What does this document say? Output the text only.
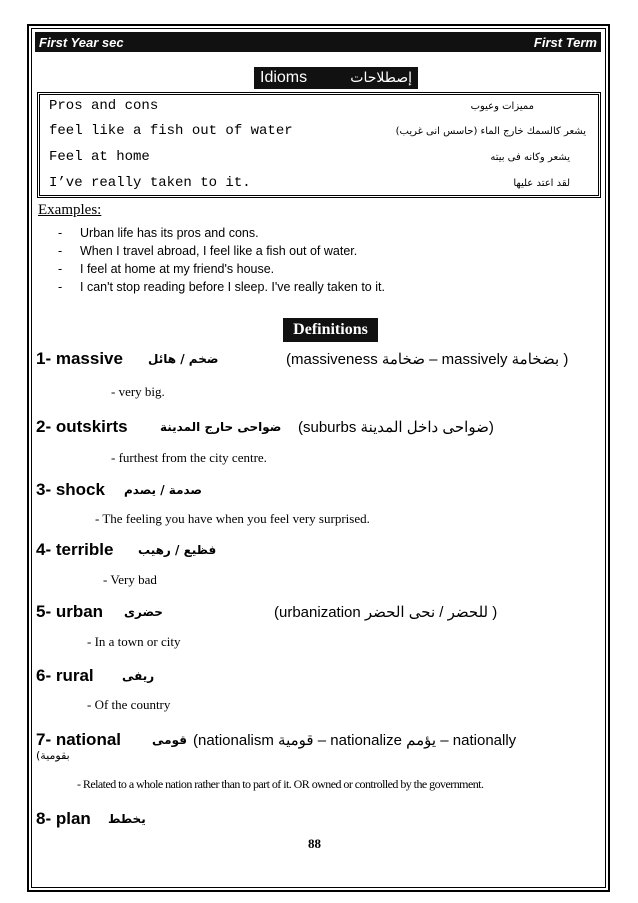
First Year sec	First Term
Idioms	إصطلاحات
Pros and cons	مميزات وعيوب
feel like a fish out of water	يشعر كالسمك خارج الماء (حاسس انى غريب)
Feel at home	يشعر وكانه فى بيته
I’ve really taken to it.	لقد اعتد عليها
Examples:
- Urban life has its pros and cons.
- When I travel abroad, I feel like a fish out of water.
- I feel at home at my friend's house.
- I can't stop reading before I sleep. I've really taken to it.
Definitions
1- massive ضخم / هائل	(massiveness ضخامة – massively بضخامة )
- very big.
2- outskirts	ضواحى حارج المدينة (suburbs ضواحى داخل المدينة)
- furthest from the city centre.
3- shock صدمة / يصدم
- The feeling you have when you feel very surprised.
4- terrible فظيع / رهيب
- Very bad
5- urban حضرى	(urbanization للحضر / نحى الحضر )
- In a town or city
6- rural ريفى
- Of the country
7- national	قومى (nationalism قومية – nationalize يؤمم – nationally
(بقومية
- Related to a whole nation rather than to part of it. OR owned or controlled by the government.
8- plan يخطط
88
